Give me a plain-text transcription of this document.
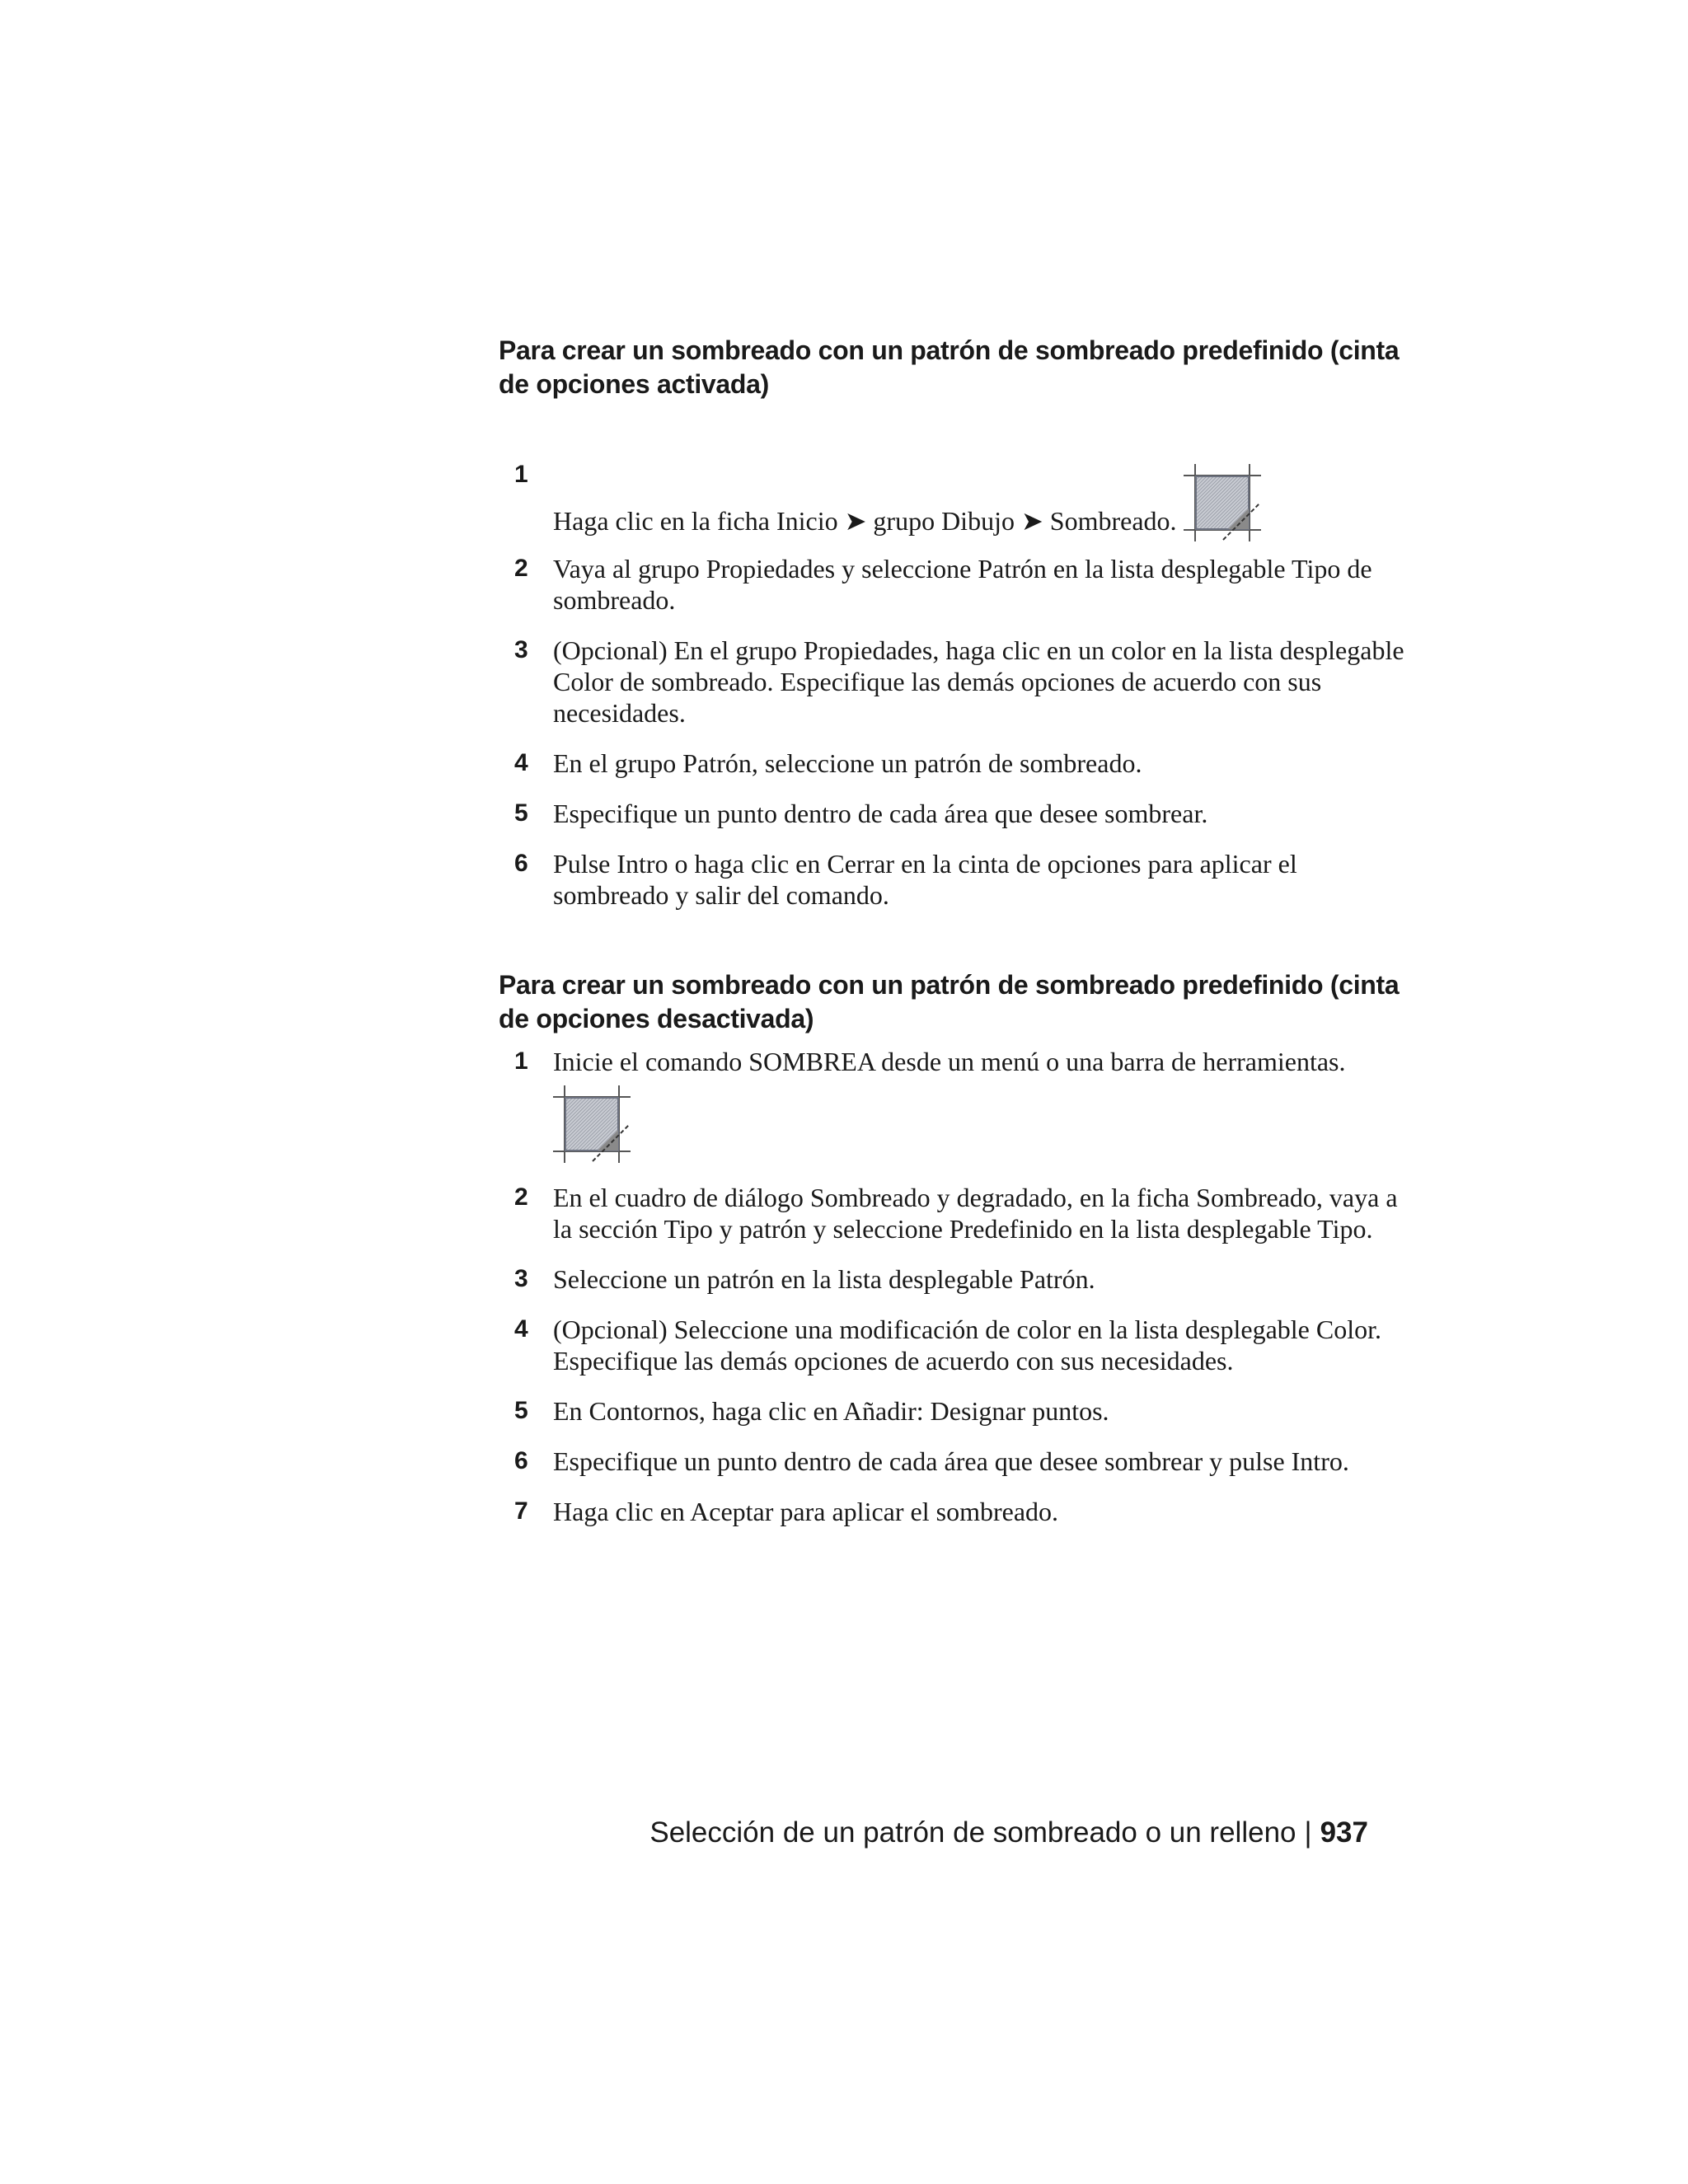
Para crear un sombreado con un patrón de sombreado predefinido (cinta de opciones activada)
1
Haga clic en la ficha Inicio ➤ grupo Dibujo ➤ Sombreado.
2 Vaya al grupo Propiedades y seleccione Patrón en la lista desplegable Tipo de sombreado.
3 (Opcional) En el grupo Propiedades, haga clic en un color en la lista desplegable Color de sombreado. Especifique las demás opciones de acuerdo con sus necesidades.
4 En el grupo Patrón, seleccione un patrón de sombreado.
5 Especifique un punto dentro de cada área que desee sombrear.
6 Pulse Intro o haga clic en Cerrar en la cinta de opciones para aplicar el sombreado y salir del comando.
Para crear un sombreado con un patrón de sombreado predefinido (cinta de opciones desactivada)
1 Inicie el comando SOMBREA desde un menú o una barra de herramientas.
2 En el cuadro de diálogo Sombreado y degradado, en la ficha Sombreado, vaya a la sección Tipo y patrón y seleccione Predefinido en la lista desplegable Tipo.
3 Seleccione un patrón en la lista desplegable Patrón.
4 (Opcional) Seleccione una modificación de color en la lista desplegable Color. Especifique las demás opciones de acuerdo con sus necesidades.
5 En Contornos, haga clic en Añadir: Designar puntos.
6 Especifique un punto dentro de cada área que desee sombrear y pulse Intro.
7 Haga clic en Aceptar para aplicar el sombreado.
Selección de un patrón de sombreado o un relleno | 937
